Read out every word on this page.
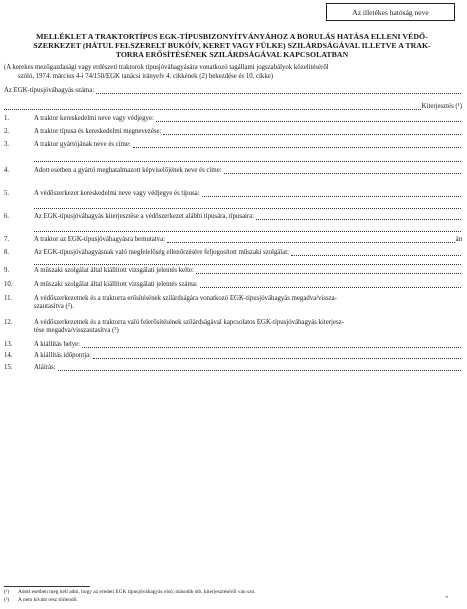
Az illetékes hatóság neve
MELLÉKLET A TRAKTORTÍPUS EGK-TÍPUSBIZONYÍTVÁNYÁHOZ A BORULÁS HATÁSA ELLENI VÉDŐ-
SZERKEZET (HÁTUL FELSZERELT BUKÓÍV, KERET VAGY FÜLKE) SZILÁRDSÁGÁVAL ILLETVE A TRAK-
TORRA ERŐSÍTÉSÉNEK SZILÁRDSÁGÁVAL KAPCSOLATBAN
(A kerekes mezőgazdasági vagy erdészeti traktorok típusjóváhagyására vonatkozó tagállami jogszabályok közelítéséről
szóló, 1974. március 4-i 74/150/EGK tanácsi irányelv 4. cikkének (2) bekezdése és 10. cikke)
Az EGK-típusjóváhagyás száma:
Kiterjesztés (¹)
1.	A traktor kereskedelmi neve vagy védjegye:
2.	A traktor típusa és kereskedelmi megnevezése:
3.	A traktor gyártójának neve és címe:
4.	Adott esetben a gyártó meghatalmazott képviselőjének neve és címe:
5.	A védőszerkezet kereskedelmi neve vagy védjegye és típusa:
6.	Az EGK-típusjóváhagyás kiterjesztése a védőszerkezet alábbi típusára, típusaira:
7.	A traktor az EGK-típusjóváhagyásra bemutatva:	án
8.	Az EGK-típusjóváhagyásnak való megfelelőség ellenőrzésére feljogosított műszaki szolgálat:
9.	A műszaki szolgálat által kiállított vizsgálati jelentés kelte:
10.	A műszaki szolgálat által kiállított vizsgálati jelentés száma:
11.	A védőszerkezetnek és a traktorra erősítésének szilárdságára vonatkozó EGK-típusjóváhagyás megadva/vissza-
szautasítva (²).
12.	A védőszerkezetnek és a traktorra való felerősítésének szilárdságával kapcsolatos EGK-típusjóváhagyás kiterjesz-
tése megadva/visszautasítva (²)
13.	A kiállítás helye:
14.	A kiállítás időpontja:
15.	Aláírás:
(¹) Adott esetben meg kell adni, hogy az eredeti EGK típusjóváhagyás első, második stb. kiterjesztéséről van szó.
(²) A nem kívánt rész törlendő.	"
